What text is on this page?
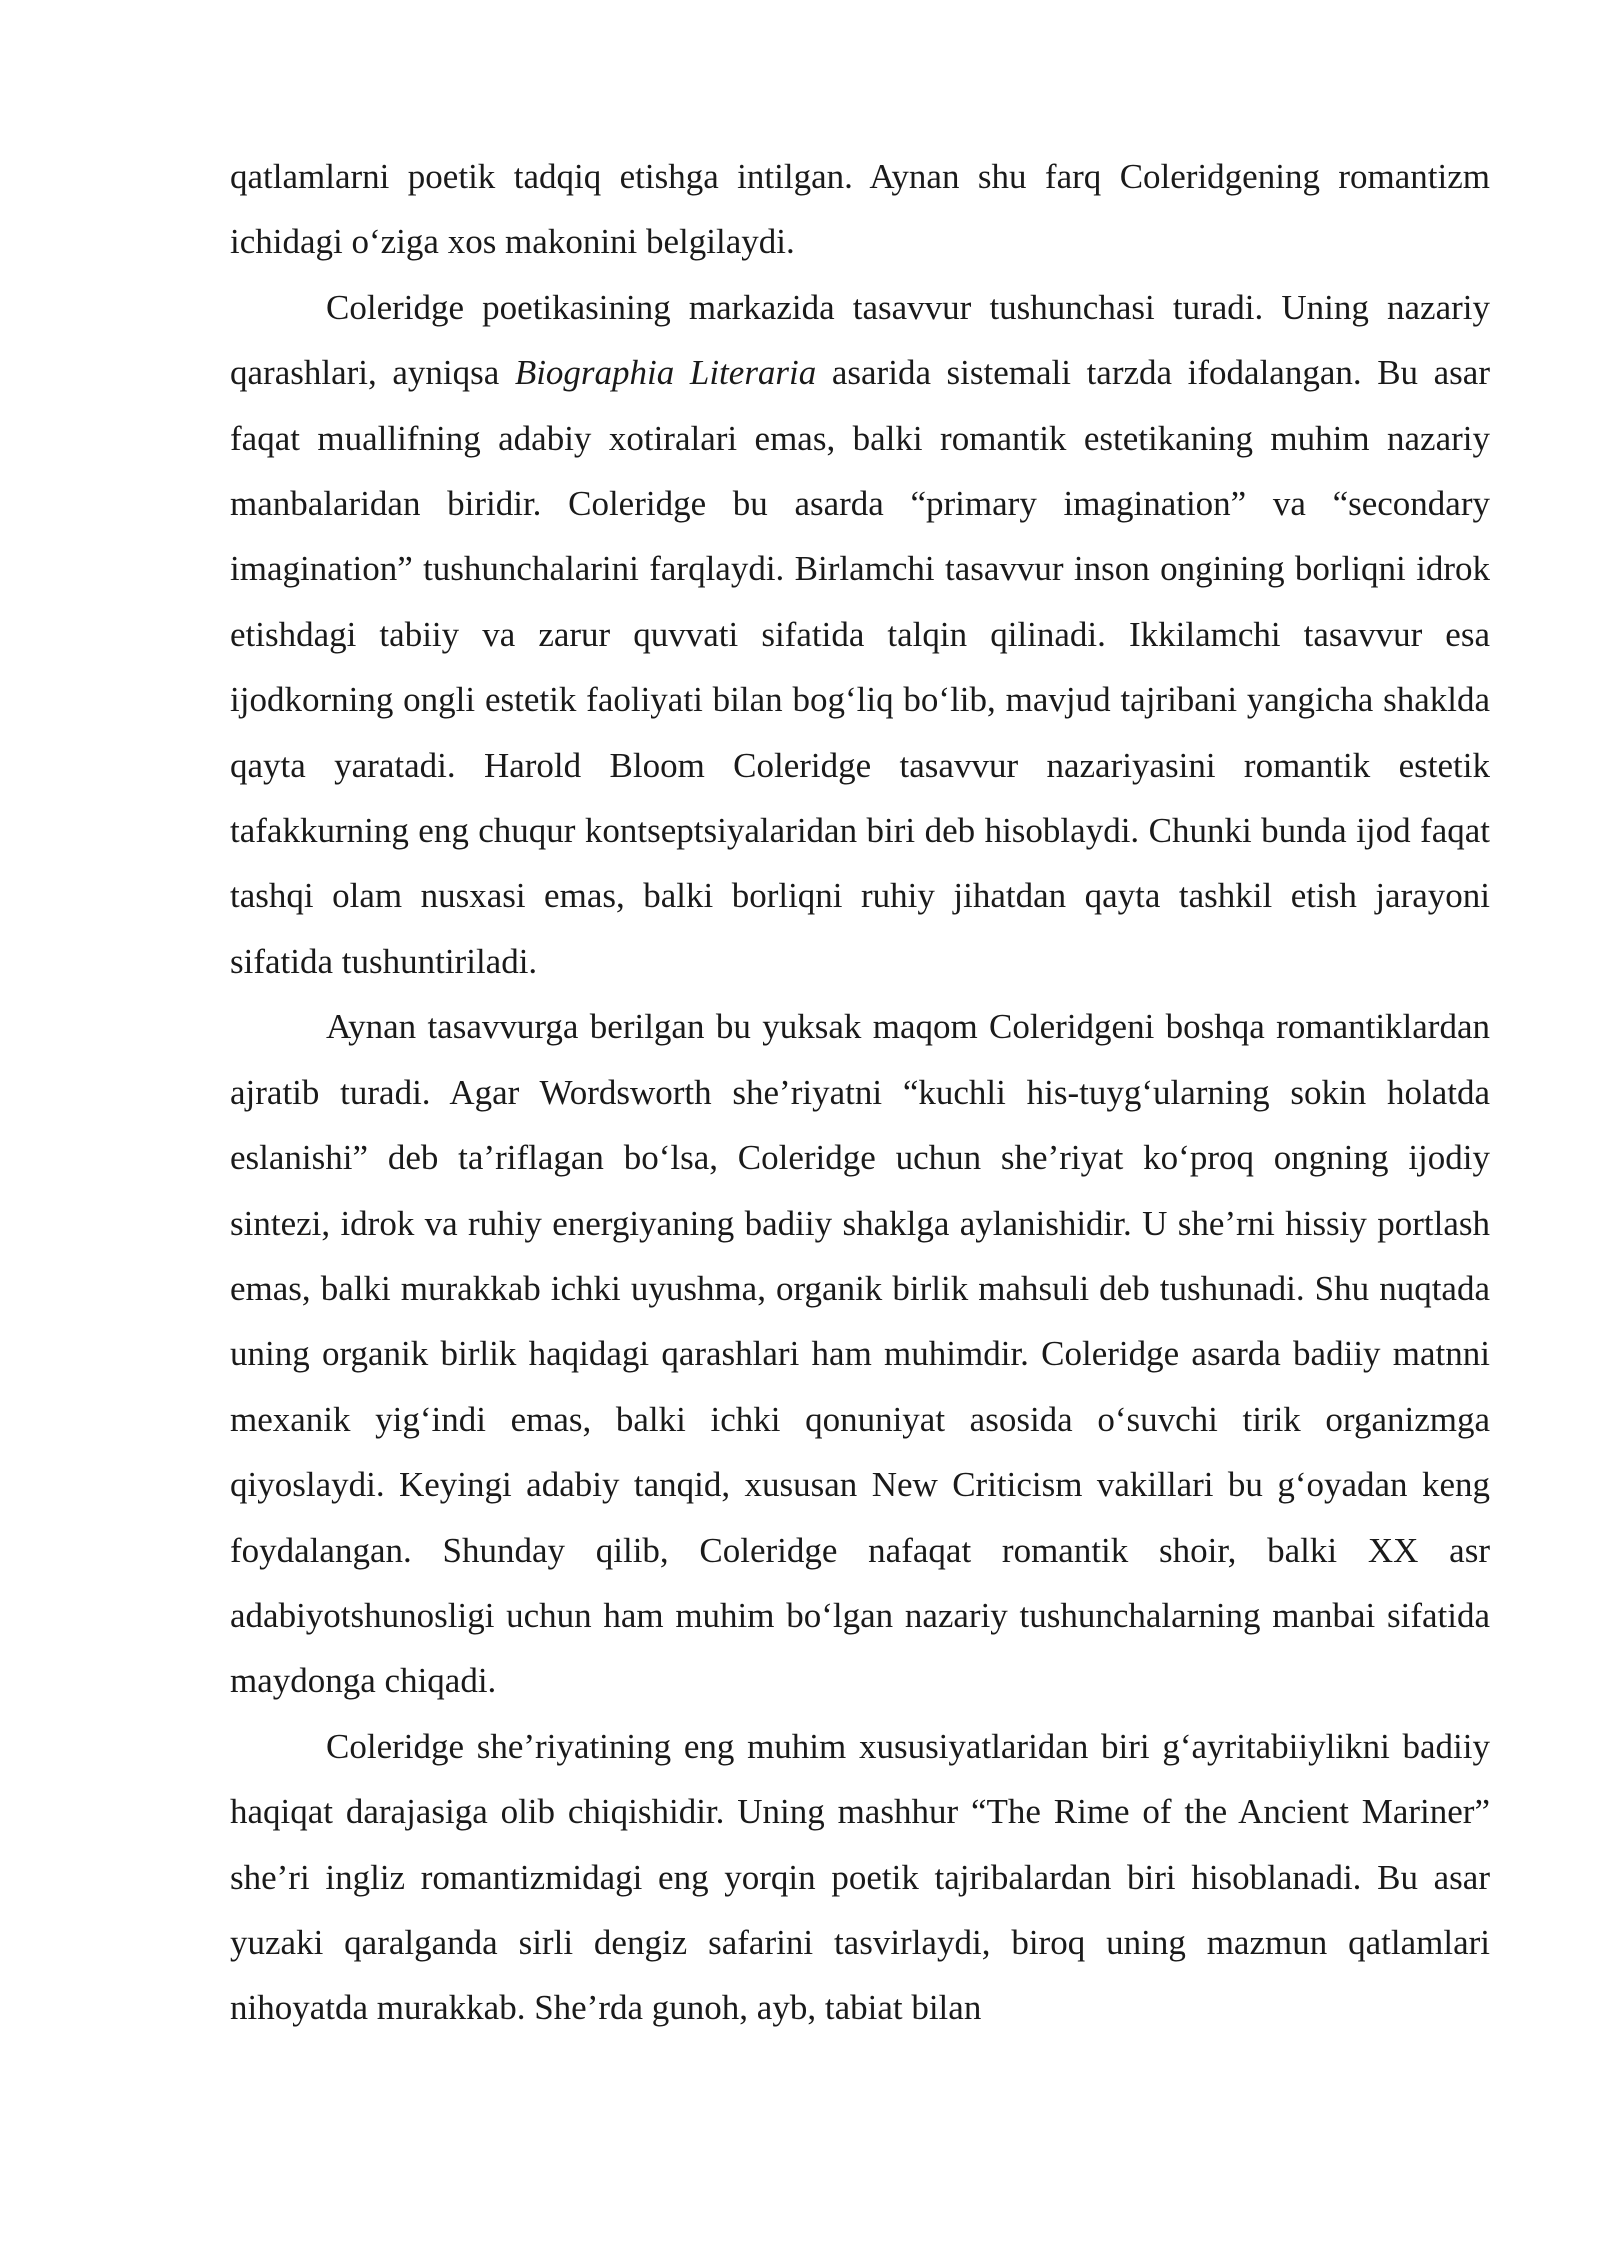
qatlamlarni poetik tadqiq etishga intilgan. Aynan shu farq Coleridgening romantizm ichidagi o‘ziga xos makonini belgilaydi.

Coleridge poetikasining markazida tasavvur tushunchasi turadi. Uning nazariy qarashlari, ayniqsa Biographia Literaria asarida sistemali tarzda ifodalangan. Bu asar faqat muallifning adabiy xotiralari emas, balki romantik estetikaning muhim nazariy manbalaridan biridir. Coleridge bu asarda “primary imagination” va “secondary imagination” tushunchalarini farqlaydi. Birlamchi tasavvur inson ongining borliqni idrok etishdagi tabiiy va zarur quvvati sifatida talqin qilinadi. Ikkilamchi tasavvur esa ijodkorning ongli estetik faoliyati bilan bog‘liq bo‘lib, mavjud tajribani yangicha shaklda qayta yaratadi. Harold Bloom Coleridge tasavvur nazariyasini romantik estetik tafakkurning eng chuqur kontseptsiyalaridan biri deb hisoblaydi. Chunki bunda ijod faqat tashqi olam nusxasi emas, balki borliqni ruhiy jihatdan qayta tashkil etish jarayoni sifatida tushuntiriladi.

Aynan tasavvurga berilgan bu yuksak maqom Coleridgeni boshqa romantiklardan ajratib turadi. Agar Wordsworth she’riyatni “kuchli his-tuyg‘ularning sokin holatda eslanishi” deb ta’riflagan bo‘lsa, Coleridge uchun she’riyat ko‘proq ongning ijodiy sintezi, idrok va ruhiy energiyaning badiiy shaklga aylanishidir. U she’rni hissiy portlash emas, balki murakkab ichki uyushma, organik birlik mahsuli deb tushunadi. Shu nuqtada uning organik birlik haqidagi qarashlari ham muhimdir. Coleridge asarda badiiy matnni mexanik yig‘indi emas, balki ichki qonuniyat asosida o‘suvchi tirik organizmga qiyoslaydi. Keyingi adabiy tanqid, xususan New Criticism vakillari bu g‘oyadan keng foydalangan. Shunday qilib, Coleridge nafaqat romantik shoir, balki XX asr adabiyotshunosligi uchun ham muhim bo‘lgan nazariy tushunchalarning manbai sifatida maydonga chiqadi.

Coleridge she’riyatining eng muhim xususiyatlaridan biri g‘ayritabiiylikni badiiy haqiqat darajasiga olib chiqishidir. Uning mashhur “The Rime of the Ancient Mariner” she’ri ingliz romantizmidagi eng yorqin poetik tajribalardan biri hisoblanadi. Bu asar yuzaki qaralganda sirli dengiz safarini tasvirlaydi, biroq uning mazmun qatlamlari nihoyatda murakkab. She’rda gunoh, ayb, tabiat bilan
